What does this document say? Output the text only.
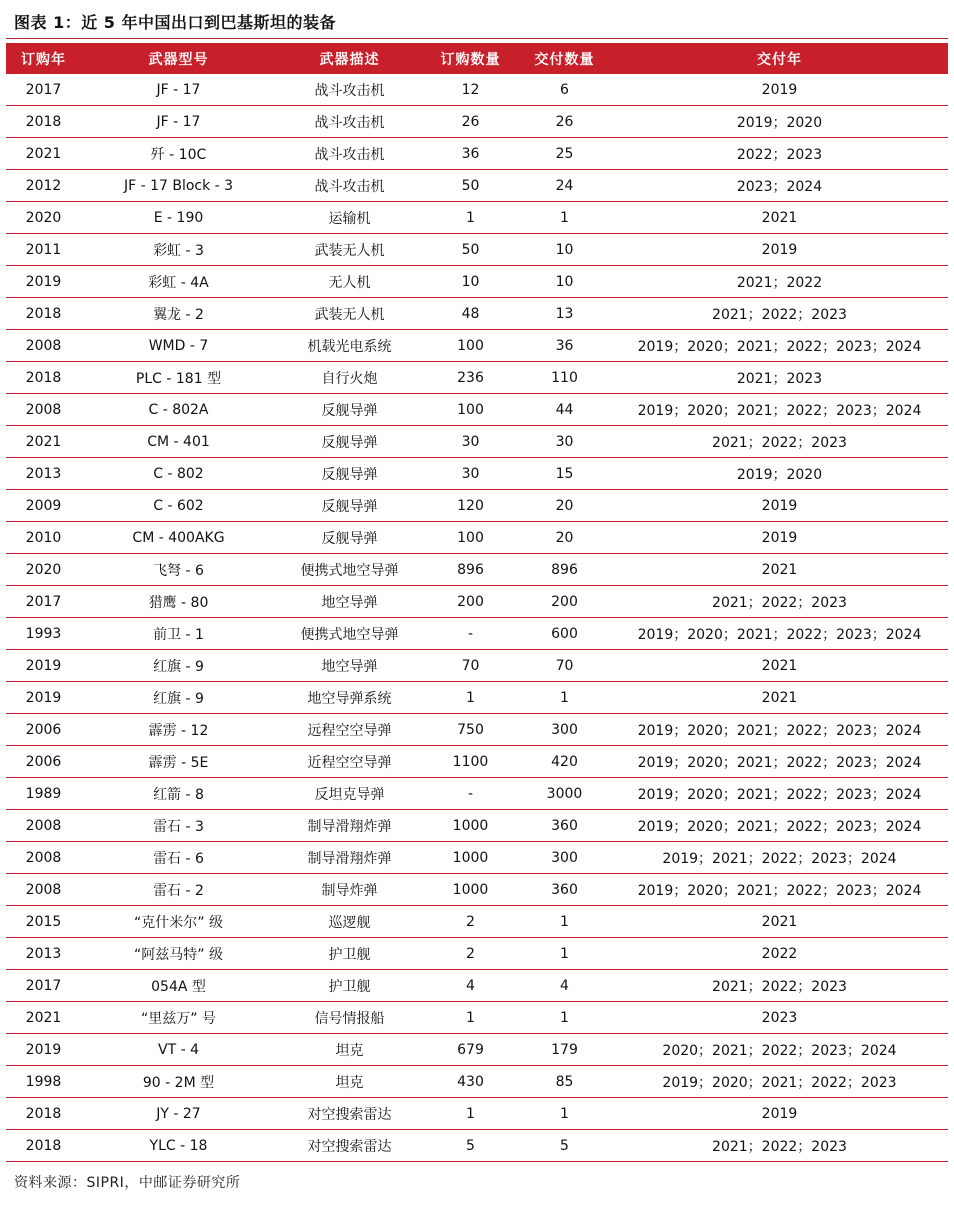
图表 1：近 5 年中国出口到巴基斯坦的装备
订购年	武器型号	武器描述	订购数量	交付数量	交付年
2017	JF - 17	战斗攻击机	12	6	2019
2018	JF - 17	战斗攻击机	26	26	2019；2020
2021	歼 - 10C	战斗攻击机	36	25	2022；2023
2012	JF - 17 Block - 3	战斗攻击机	50	24	2023；2024
2020	E - 190	运输机	1	1	2021
2011	彩虹 - 3	武装无人机	50	10	2019
2019	彩虹 - 4A	无人机	10	10	2021；2022
2018	翼龙 - 2	武装无人机	48	13	2021；2022；2023
2008	WMD - 7	机载光电系统	100	36	2019；2020；2021；2022；2023；2024
2018	PLC - 181 型	自行火炮	236	110	2021；2023
2008	C - 802A	反舰导弹	100	44	2019；2020；2021；2022；2023；2024
2021	CM - 401	反舰导弹	30	30	2021；2022；2023
2013	C - 802	反舰导弹	30	15	2019；2020
2009	C - 602	反舰导弹	120	20	2019
2010	CM - 400AKG	反舰导弹	100	20	2019
2020	飞弩 - 6	便携式地空导弹	896	896	2021
2017	猎鹰 - 80	地空导弹	200	200	2021；2022；2023
1993	前卫 - 1	便携式地空导弹	-	600	2019；2020；2021；2022；2023；2024
2019	红旗 - 9	地空导弹	70	70	2021
2019	红旗 - 9	地空导弹系统	1	1	2021
2006	霹雳 - 12	远程空空导弹	750	300	2019；2020；2021；2022；2023；2024
2006	霹雳 - 5E	近程空空导弹	1100	420	2019；2020；2021；2022；2023；2024
1989	红箭 - 8	反坦克导弹	-	3000	2019；2020；2021；2022；2023；2024
2008	雷石 - 3	制导滑翔炸弹	1000	360	2019；2020；2021；2022；2023；2024
2008	雷石 - 6	制导滑翔炸弹	1000	300	2019；2021；2022；2023；2024
2008	雷石 - 2	制导炸弹	1000	360	2019；2020；2021；2022；2023；2024
2015	“克什米尔” 级	巡逻舰	2	1	2021
2013	“阿兹马特” 级	护卫舰	2	1	2022
2017	054A 型	护卫舰	4	4	2021；2022；2023
2021	“里兹万” 号	信号情报船	1	1	2023
2019	VT - 4	坦克	679	179	2020；2021；2022；2023；2024
1998	90 - 2M 型	坦克	430	85	2019；2020；2021；2022；2023
2018	JY - 27	对空搜索雷达	1	1	2019
2018	YLC - 18	对空搜索雷达	5	5	2021；2022；2023
资料来源：SIPRI，中邮证券研究所
